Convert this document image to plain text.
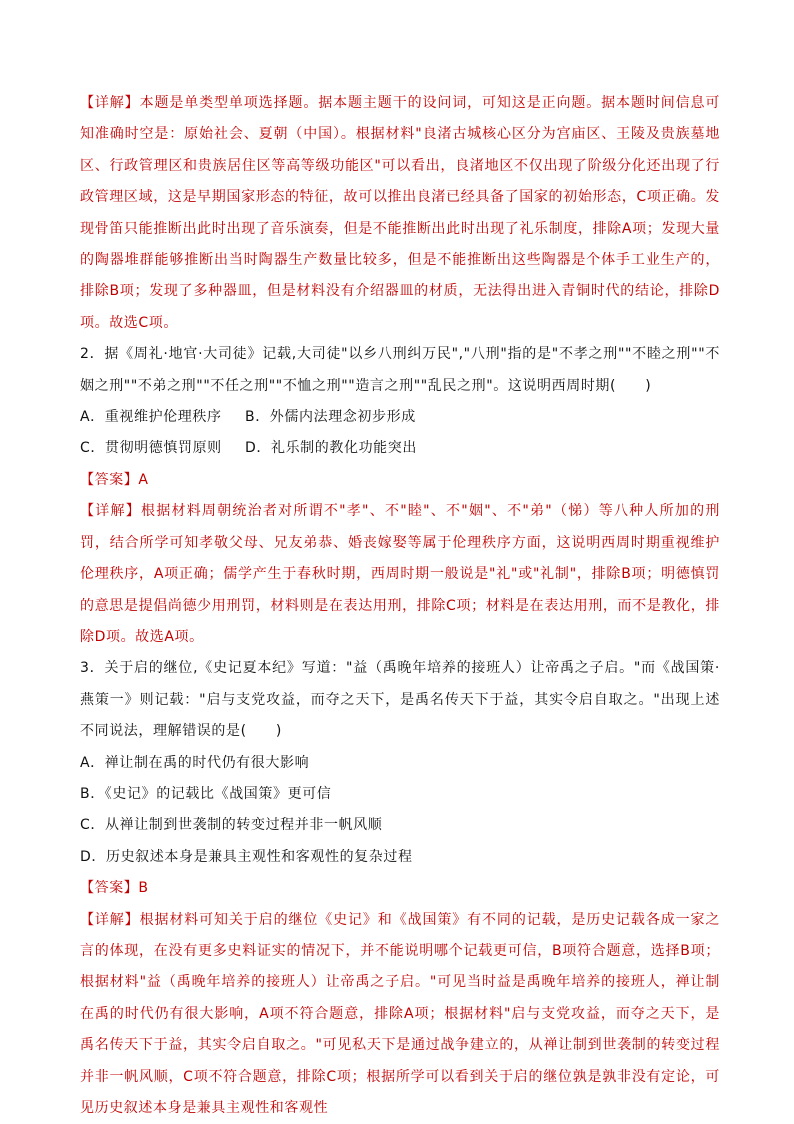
【详解】本题是单类型单项选择题。据本题主题干的设问词，可知这是正向题。据本题时间信息可知准确时空是：原始社会、夏朝（中国）。根据材料"良渚古城核心区分为宫庙区、王陵及贵族墓地区、行政管理区和贵族居住区等高等级功能区"可以看出，良渚地区不仅出现了阶级分化还出现了行政管理区域，这是早期国家形态的特征，故可以推出良渚已经具备了国家的初始形态，C项正确。发现骨笛只能推断出此时出现了音乐演奏，但是不能推断出此时出现了礼乐制度，排除A项；发现大量的陶器堆群能够推断出当时陶器生产数量比较多，但是不能推断出这些陶器是个体手工业生产的，排除B项；发现了多种器皿，但是材料没有介绍器皿的材质，无法得出进入青铜时代的结论，排除D项。故选C项。

2．据《周礼·地官·大司徒》记载,大司徒"以乡八刑纠万民","八刑"指的是"不孝之刑""不睦之刑""不姻之刑""不弟之刑""不任之刑""不恤之刑""造言之刑""乱民之刑"。这说明西周时期(　　)

A．重视维护伦理秩序	B．外儒内法理念初步形成
C．贯彻明德慎罚原则	D．礼乐制的教化功能突出

【答案】A

【详解】根据材料周朝统治者对所谓不"孝"、不"睦"、不"姻"、不"弟"（悌）等八种人所加的刑罚，结合所学可知孝敬父母、兄友弟恭、婚丧嫁娶等属于伦理秩序方面，这说明西周时期重视维护伦理秩序，A项正确；儒学产生于春秋时期，西周时期一般说是"礼"或"礼制"，排除B项；明德慎罚的意思是提倡尚德少用刑罚，材料则是在表达用刑，排除C项；材料是在表达用刑，而不是教化，排除D项。故选A项。

3．关于启的继位,《史记夏本纪》写道："益（禹晚年培养的接班人）让帝禹之子启。"而《战国策·燕策一》则记载："启与支党攻益，而夺之天下，是禹名传天下于益，其实令启自取之。"出现上述不同说法，理解错误的是(　　)

A．禅让制在禹的时代仍有很大影响

B．《史记》的记载比《战国策》更可信

C．从禅让制到世袭制的转变过程并非一帆风顺

D．历史叙述本身是兼具主观性和客观性的复杂过程

【答案】B

【详解】根据材料可知关于启的继位《史记》和《战国策》有不同的记载，是历史记载各成一家之言的体现，在没有更多史料证实的情况下，并不能说明哪个记载更可信，B项符合题意，选择B项；根据材料"益（禹晚年培养的接班人）让帝禹之子启。"可见当时益是禹晚年培养的接班人，禅让制在禹的时代仍有很大影响，A项不符合题意，排除A项；根据材料"启与支党攻益，而夺之天下，是禹名传天下于益，其实令启自取之。"可见私天下是通过战争建立的，从禅让制到世袭制的转变过程并非一帆风顺，C项不符合题意，排除C项；根据所学可以看到关于启的继位孰是孰非没有定论，可见历史叙述本身是兼具主观性和客观性
